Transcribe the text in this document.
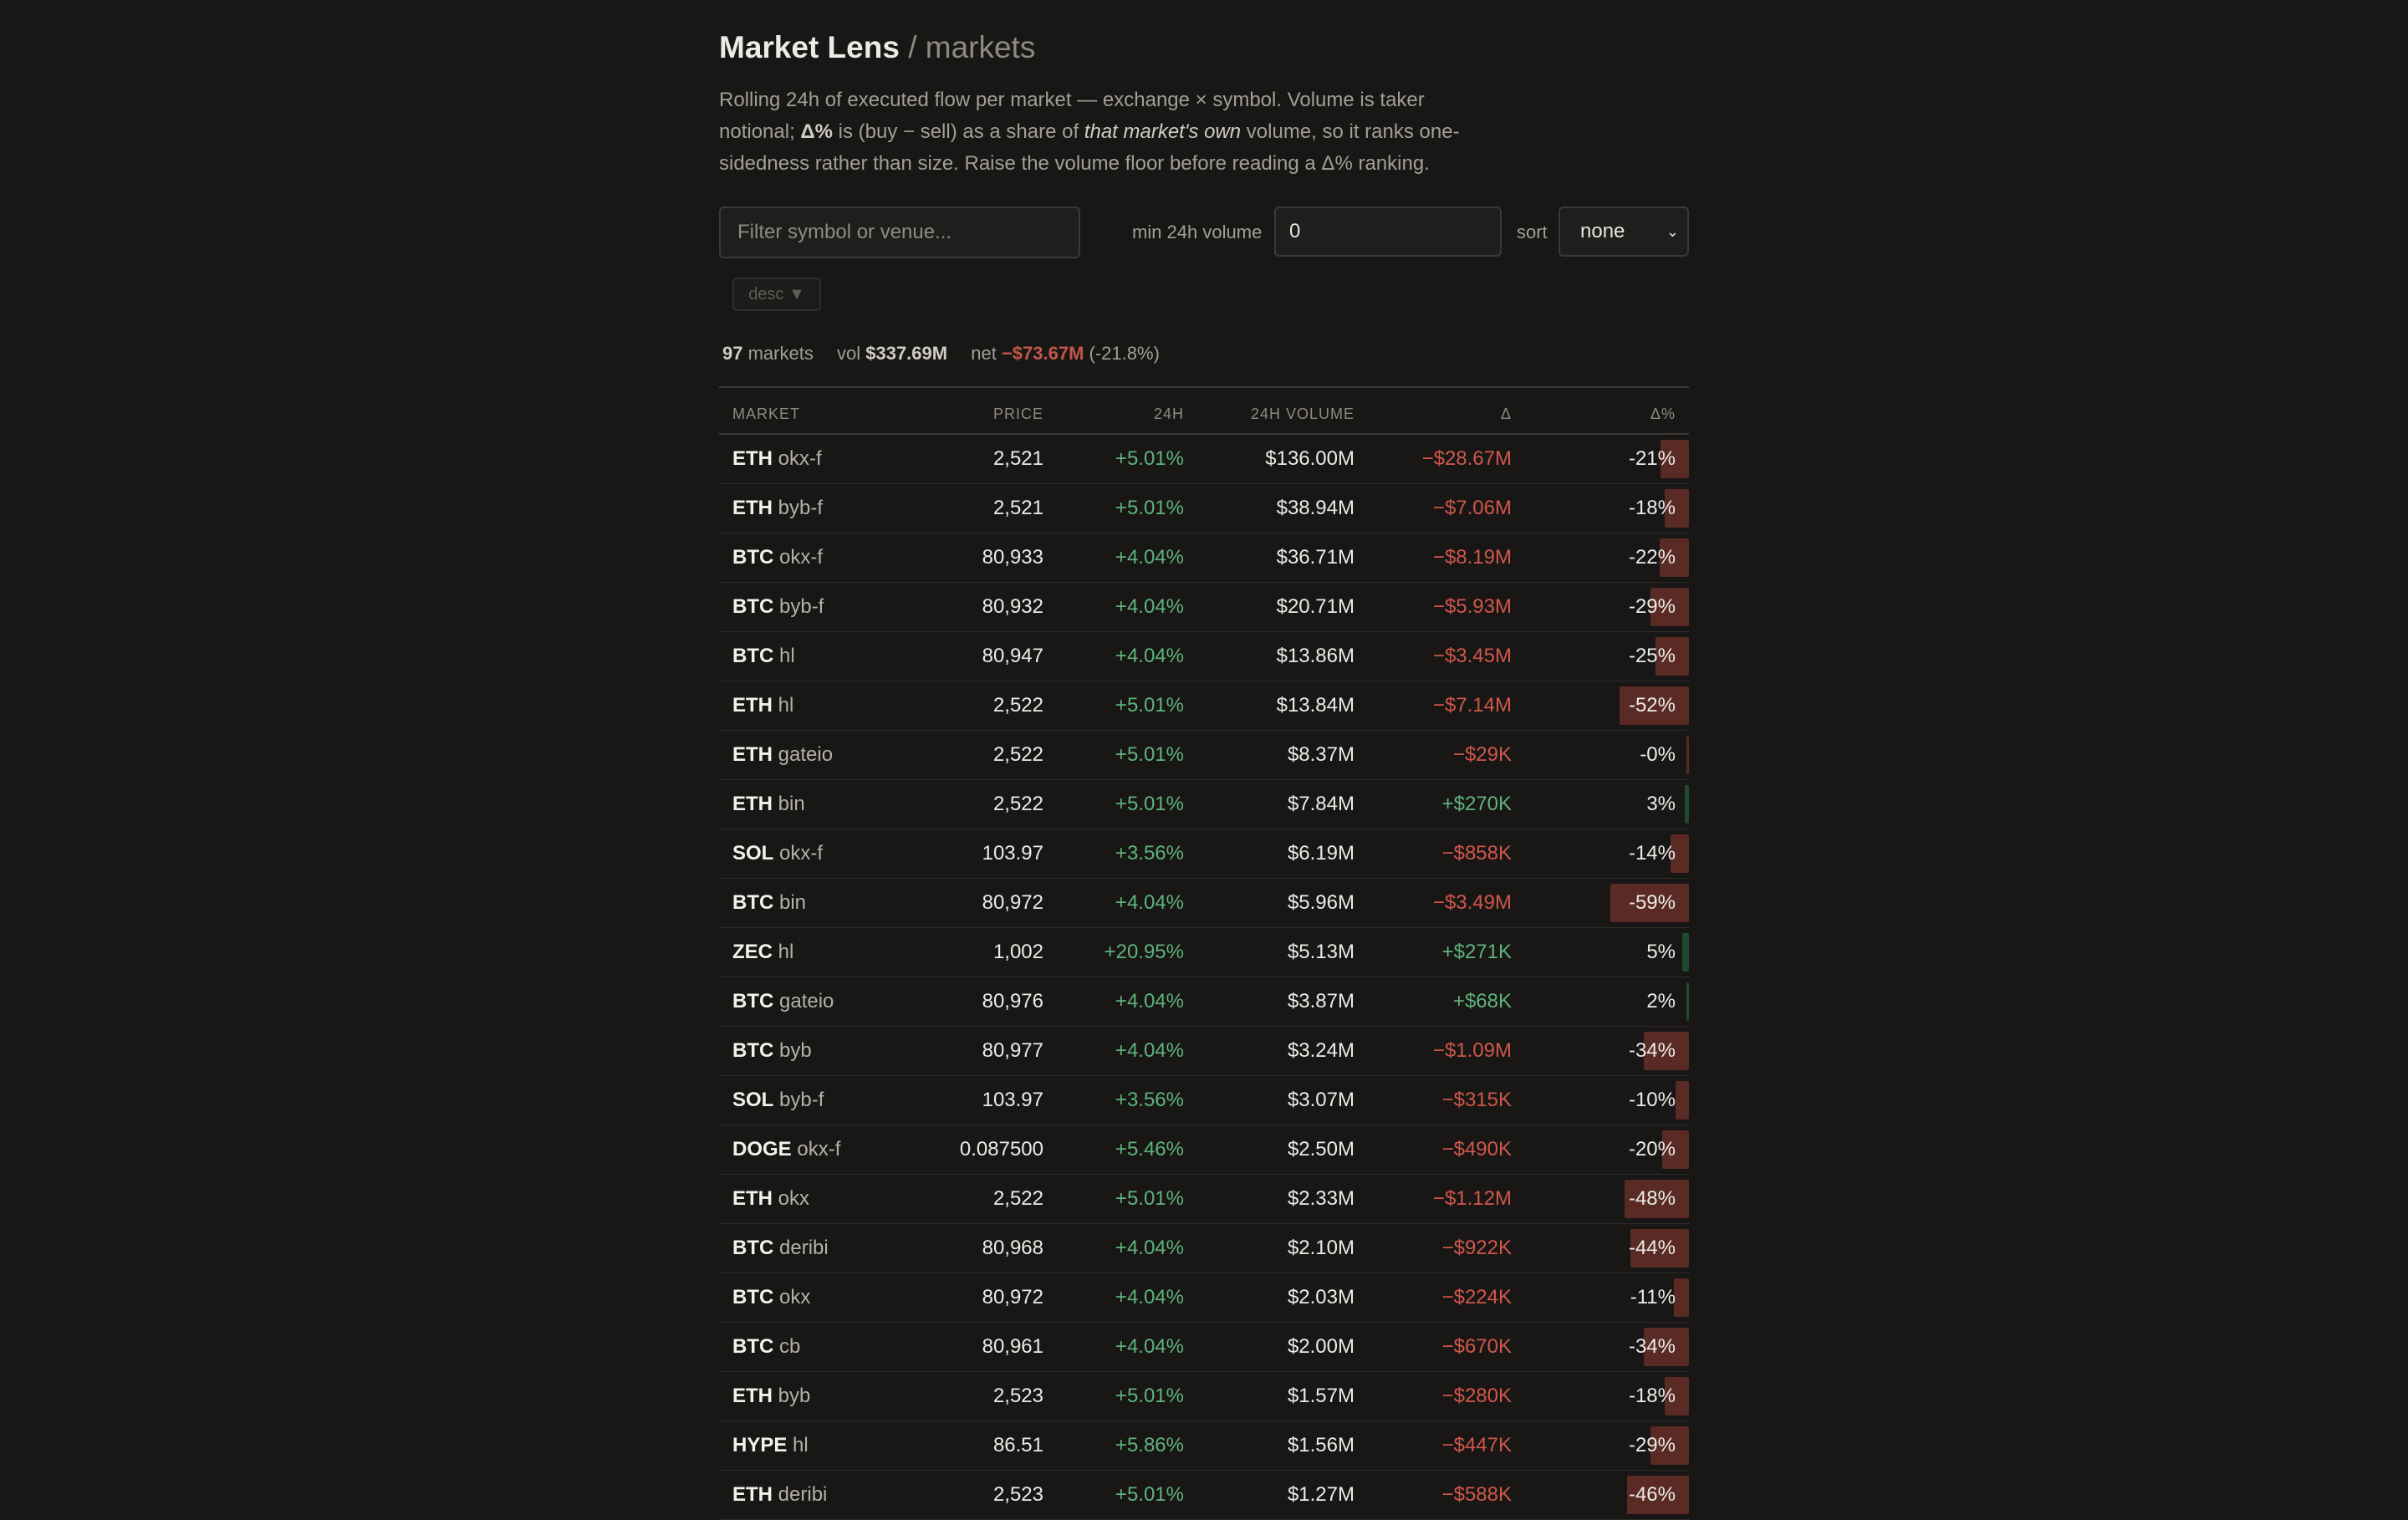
Market Lens / markets
Rolling 24h of executed flow per market — exchange × symbol. Volume is taker notional; Δ% is (buy − sell) as a share of that market's own volume, so it ranks one-sidedness rather than size. Raise the volume floor before reading a Δ% ranking.
Filter symbol or venue...	min 24h volume	0	sort	none	⌄
desc ▼
97 markets vol $337.69M net −$73.67M (-21.8%)
MARKET	PRICE	24H	24H VOLUME	Δ	Δ%
ETH okx-f	2,521	+5.01%	$136.00M	−$28.67M	-21%
ETH byb-f	2,521	+5.01%	$38.94M	−$7.06M	-18%
BTC okx-f	80,933	+4.04%	$36.71M	−$8.19M	-22%
BTC byb-f	80,932	+4.04%	$20.71M	−$5.93M	-29%
BTC hl	80,947	+4.04%	$13.86M	−$3.45M	-25%
ETH hl	2,522	+5.01%	$13.84M	−$7.14M	-52%
ETH gateio	2,522	+5.01%	$8.37M	−$29K	-0%
ETH bin	2,522	+5.01%	$7.84M	+$270K	3%
SOL okx-f	103.97	+3.56%	$6.19M	−$858K	-14%
BTC bin	80,972	+4.04%	$5.96M	−$3.49M	-59%
ZEC hl	1,002	+20.95%	$5.13M	+$271K	5%
BTC gateio	80,976	+4.04%	$3.87M	+$68K	2%
BTC byb	80,977	+4.04%	$3.24M	−$1.09M	-34%
SOL byb-f	103.97	+3.56%	$3.07M	−$315K	-10%
DOGE okx-f	0.087500	+5.46%	$2.50M	−$490K	-20%
ETH okx	2,522	+5.01%	$2.33M	−$1.12M	-48%
BTC deribi	80,968	+4.04%	$2.10M	−$922K	-44%
BTC okx	80,972	+4.04%	$2.03M	−$224K	-11%
BTC cb	80,961	+4.04%	$2.00M	−$670K	-34%
ETH byb	2,523	+5.01%	$1.57M	−$280K	-18%
HYPE hl	86.51	+5.86%	$1.56M	−$447K	-29%
ETH deribi	2,523	+5.01%	$1.27M	−$588K	-46%
